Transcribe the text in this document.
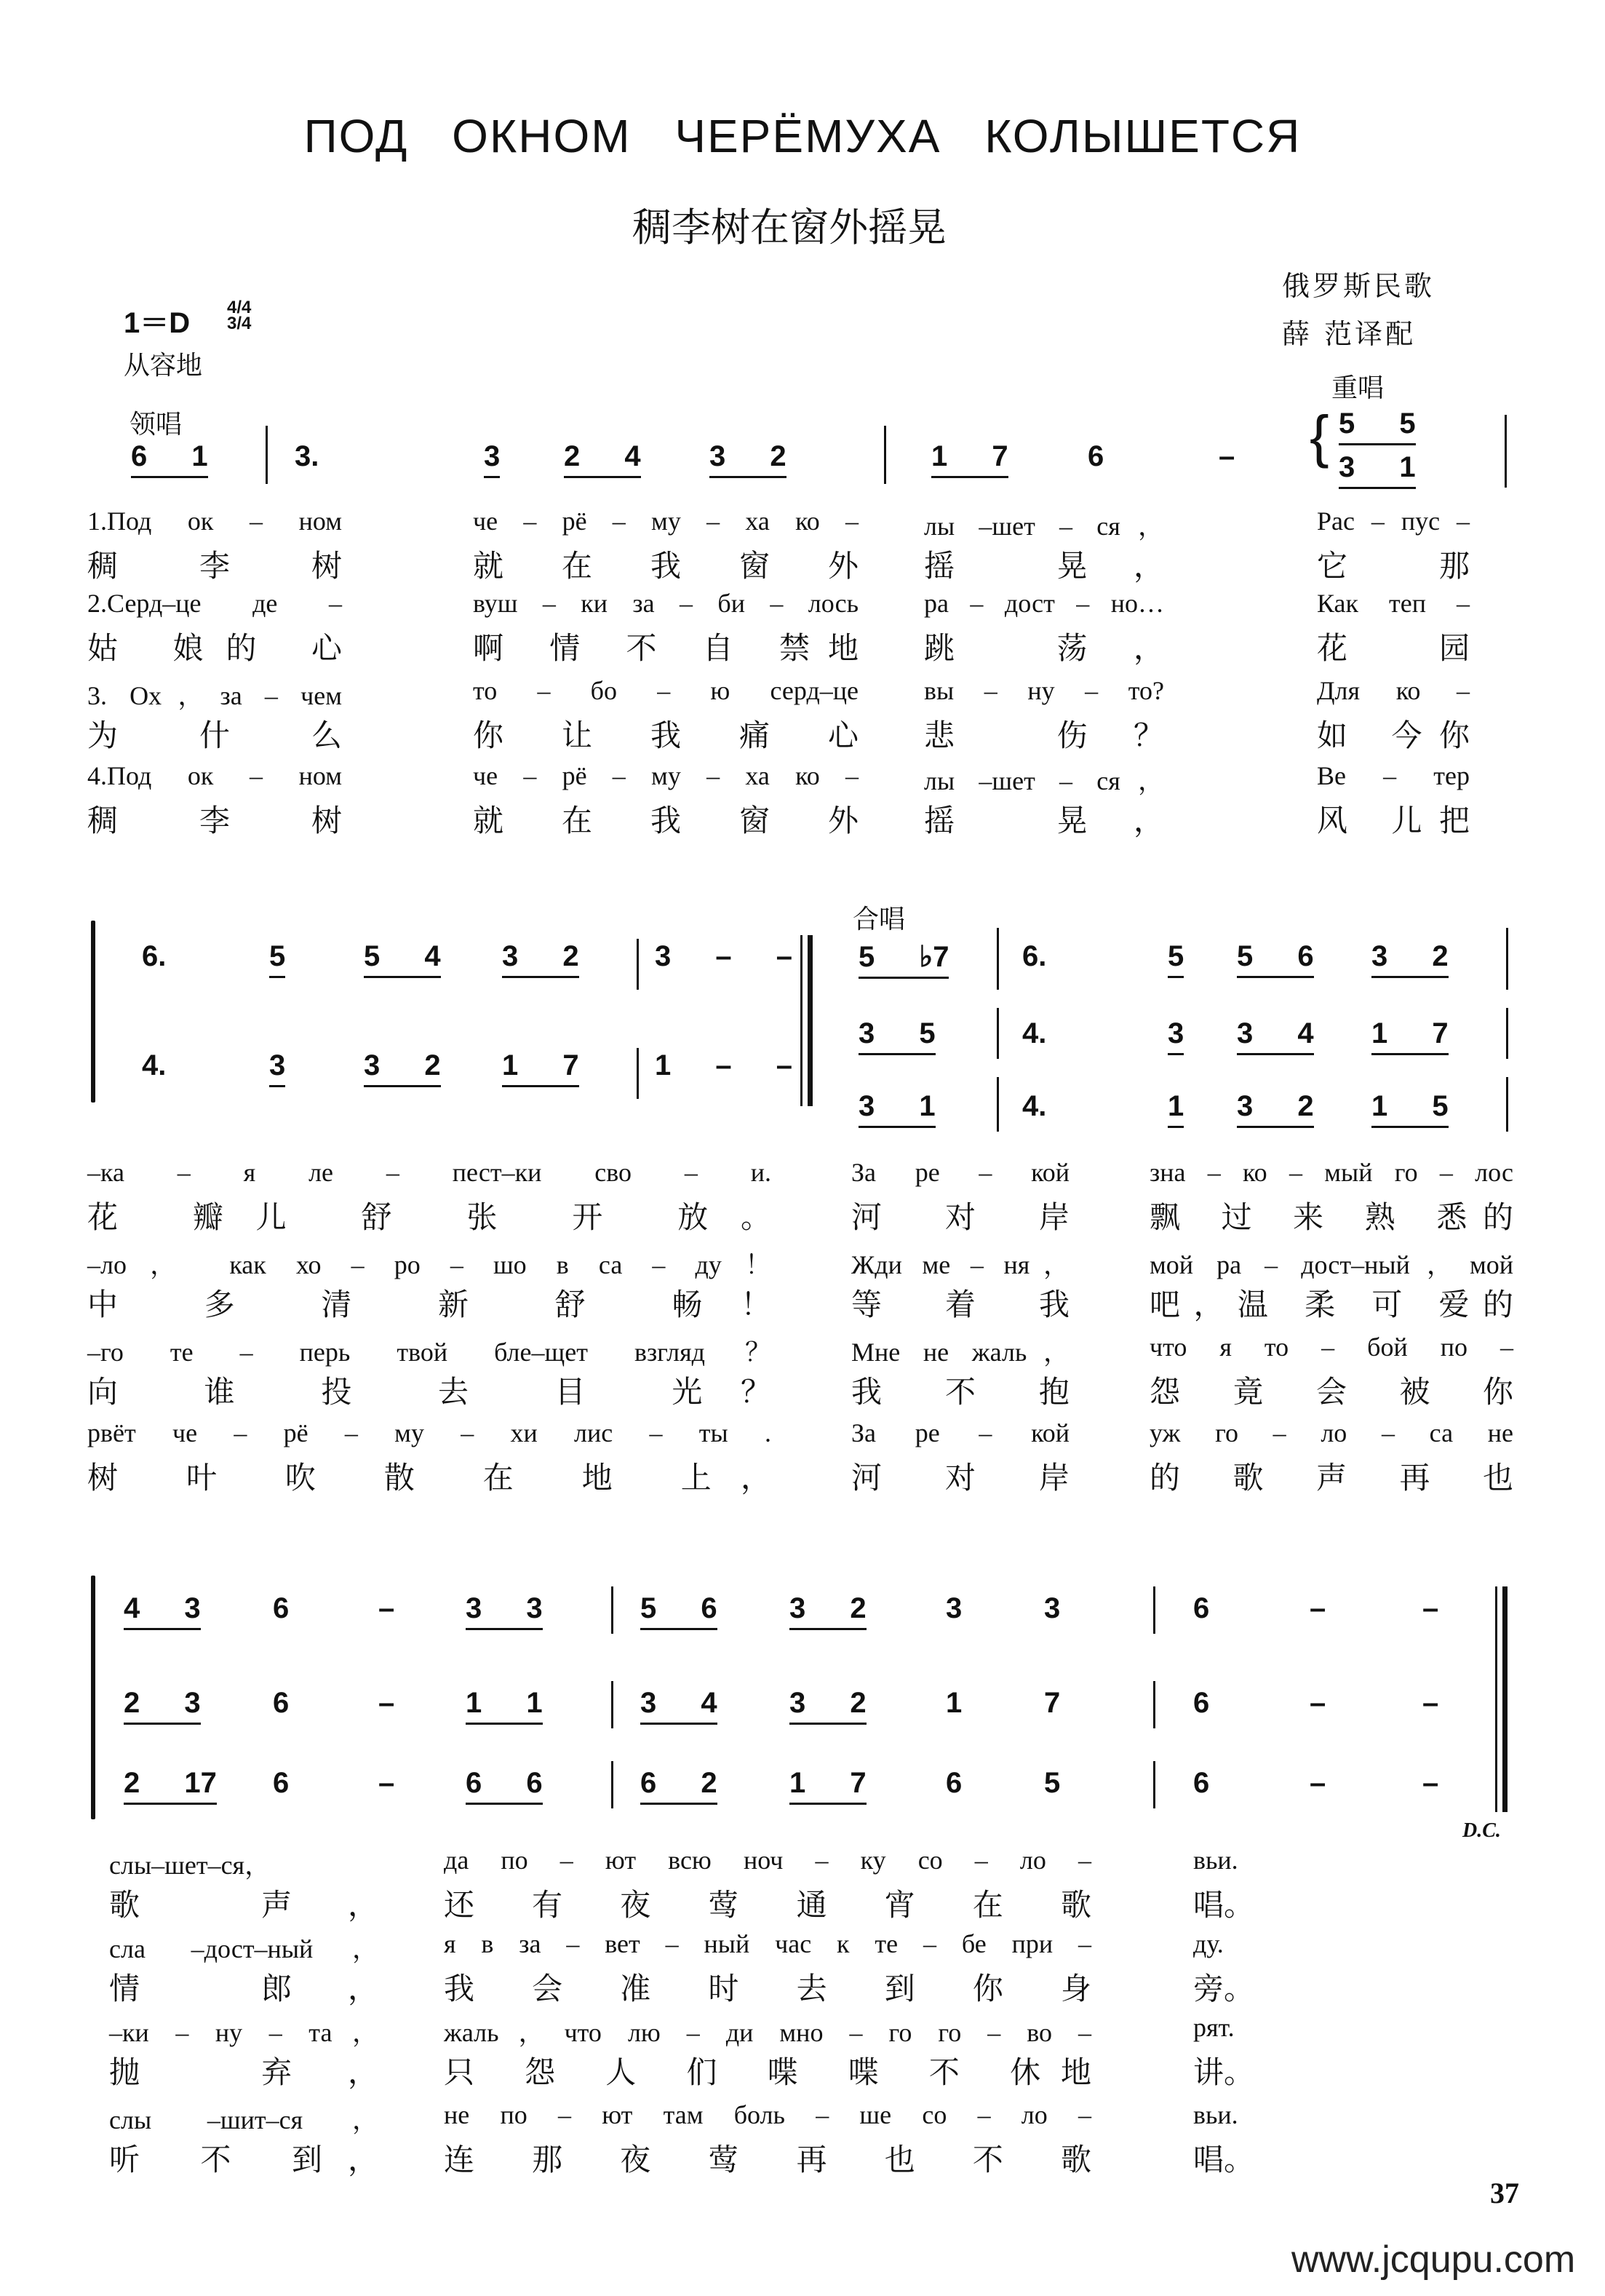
ПОД ОКНОМ ЧЕРЁМУХА КОЛЫШЕТСЯ
稠李树在窗外摇晃
俄罗斯民歌
薛 范译配
1＝D 4/4 3/4
从容地
领唱
重唱
合唱
D.C.
{
6 1	3.	3 2 4 3 2	1 7	6	–
5 5
3 1
6.	5	5 4 3 2	3 – –
4.	3	3 2 1 7	1 – –
5 ♭7	6.	5 5 6 3 2
3 5	4.	3 3 4 1 7
3 1	4.	1 3 2 1 5
4 3 6	– 3 3	5 6 3 2	3	3	6	–	–
2 3 6	– 1 1	3 4 3 2	1	7	6	–	–
2 17 6	– 6 6	6 2 1 7	6	5	6	–	–
1.Под ок – ном	че – рё – му – ха ко –	лы –шет – ся，	Рас – пус –
稠 李 树	就 在 我 窗 外 摇 晃，	它 那
2.Серд–це де –	вуш – ки за – би – лось	ра – дост – но…	Как теп –
姑 娘的 心	啊 情 不 自 禁地 跳 荡，	花 园
3. Ох，за – чем	то – бо – ю серд–це	вы – ну – то?	Для ко –
为 什 么	你 让 我 痛 心 悲 伤？	如 今你
4.Под ок – ном	че – рё – му – ха ко –	лы –шет – ся，	Ве – тер
稠 李 树	就 在 我 窗 外 摇 晃，	风 儿把
–ка – я ле – пест–ки сво – и.	За ре – кой	зна – ко – мый го – лос
花 瓣儿 舒 张 开 放。	河 对 岸	飘 过 来 熟 悉的
–ло， как хо – ро – шо в са – ду！	Жди ме – ня，	мой ра – дост–ный，мой
中 多 清 新 舒 畅！	等 着 我	吧，温 柔 可 爱的
–го те – перь твой бле–щет взгляд？	Мне не жаль，	что я то – бой по –
向 谁 投 去 目 光？	我 不 抱	怨 竟 会 被 你
рвёт че – рё – му – хи лис – ты .	За ре – кой	уж го – ло – са не
树 叶 吹 散 在 地 上，	河 对 岸	的 歌 声 再 也
слы–шет–ся，	да по – ют всю ноч – ку со – ло –	вьи.
歌 声， 还 有 夜 莺 通 宵 在 歌	唱。
сла –дост–ный，	я в за – вет – ный час к те – бе при –	ду.
情 郎， 我 会 准 时 去 到 你 身	旁。
–ки – ну – та，	жаль，что лю – ди мно – го го – во –	рят.
抛 弃， 只 怨 人 们 喋 喋 不 休地	讲。
слы –шит–ся，	не по – ют там боль – ше со – ло –	вьи.
听 不 到， 连 那 夜 莺 再 也 不 歌	唱。
37
www.jcqupu.com
